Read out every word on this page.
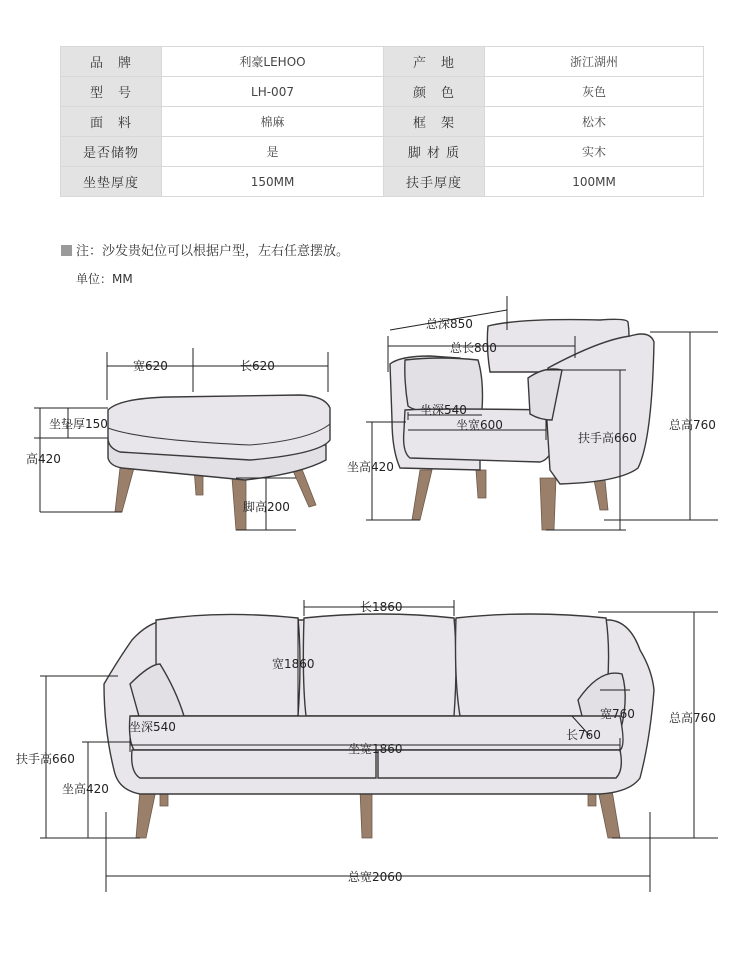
品　牌	利豪LEHOO	产　地	浙江湖州
型　号	LH-007	颜　色	灰色
面　料	棉麻	框　架	松木
是否储物	是	脚 材 质	实木
坐垫厚度	150MM	扶手厚度	100MM
注：沙发贵妃位可以根据户型，左右任意摆放。
单位：MM
宽620	长620
坐垫厚150
高420
脚高200
总深850
总长800
坐深540
坐宽600
坐高420
扶手高660
总高760
长1860
宽1860
坐深540
宽760
长760
坐宽1860
扶手高660
坐高420
总高760
总宽2060
